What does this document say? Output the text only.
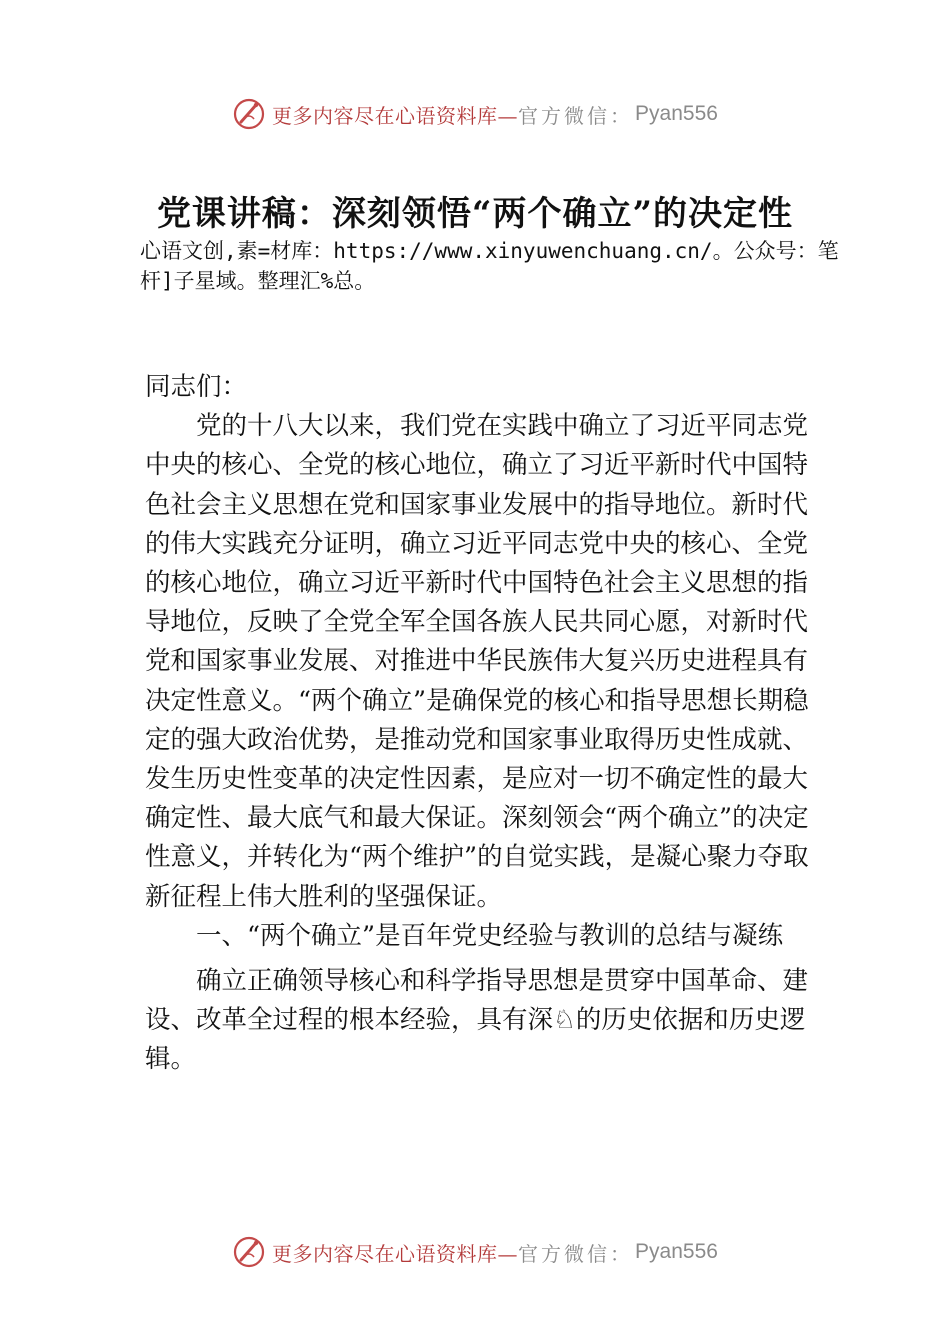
更多内容尽在心语资料库— 官方微信： Pyan556
党课讲稿：深刻领悟“两个确立”的决定性
心语文创,素=材库：https://www.xinyuwenchuang.cn/。公众号：笔杆]子星域。整理汇%总。

同志们：

党的十八大以来，我们党在实践中确立了习近平同志党中央的核心、全党的核心地位，确立了习近平新时代中国特色社会主义思想在党和国家事业发展中的指导地位。新时代的伟大实践充分证明，确立习近平同志党中央的核心、全党的核心地位，确立习近平新时代中国特色社会主义思想的指导地位，反映了全党全军全国各族人民共同心愿，对新时代党和国家事业发展、对推进中华民族伟大复兴历史进程具有决定性意义。“两个确立”是确保党的核心和指导思想长期稳定的强大政治优势，是推动党和国家事业取得历史性成就、 发生历史性变革的决定性因素，是应对一切不确定性的最大确定性、最大底气和最大保证。深刻领会“两个确立”的决定性意义，并转化为“两个维护”的自觉实践，是凝心聚力夺取新征程上伟大胜利的坚强保证。

一、“两个确立”是百年党史经验与教训的总结与凝练

确立正确领导核心和科学指导思想是贯穿中国革命、建设、改革全过程的根本经验，具有深♘的历史依据和历史逻辑。

更多内容尽在心语资料库— 官方微信： Pyan556
